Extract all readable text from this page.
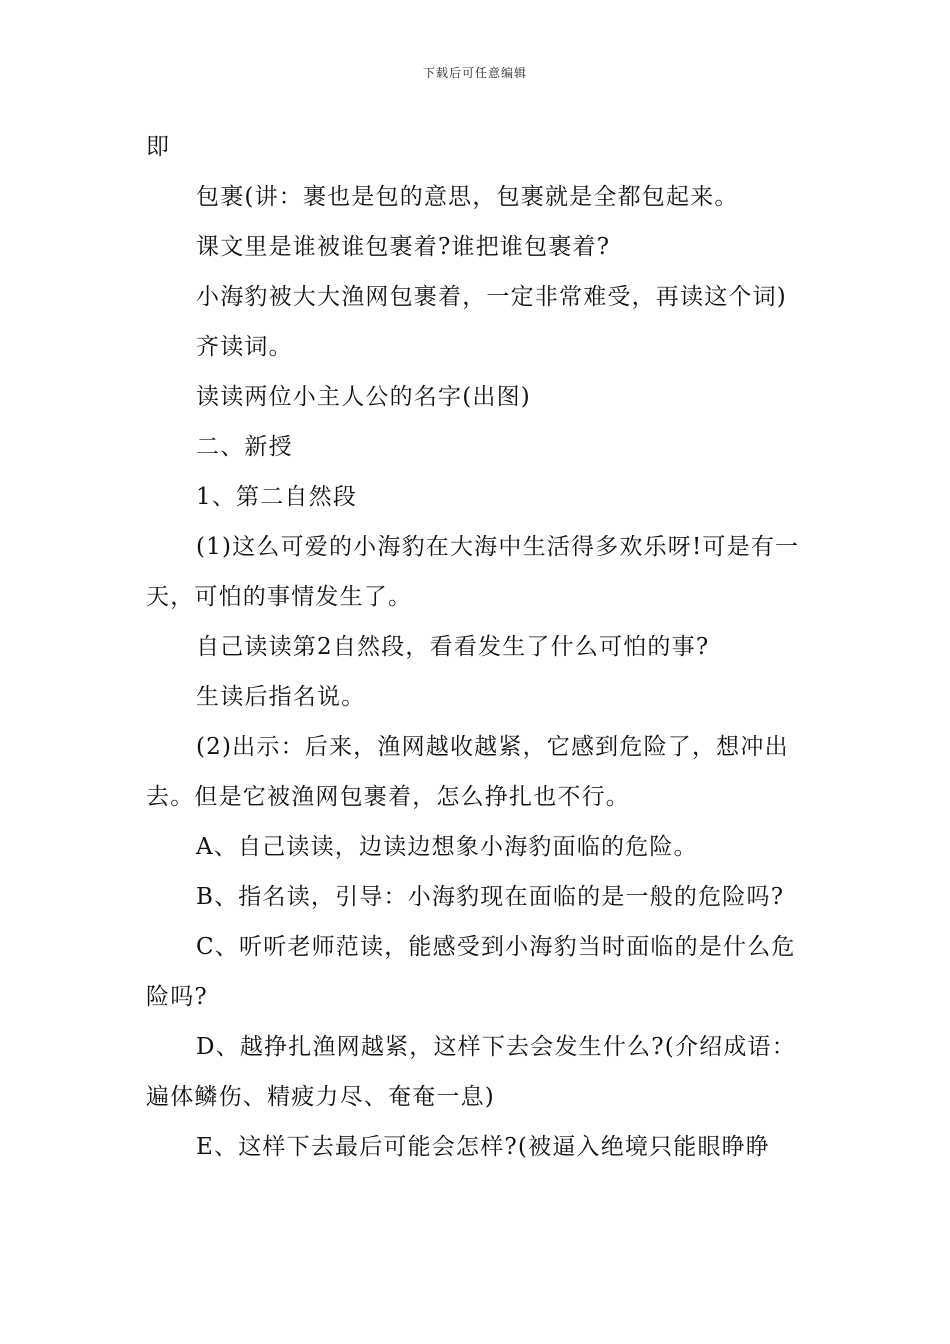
下载后可任意编辑

即

包裹(讲：裹也是包的意思，包裹就是全都包起来。

课文里是谁被谁包裹着?谁把谁包裹着?

小海豹被大大渔网包裹着，一定非常难受，再读这个词)

齐读词。

读读两位小主人公的名字(出图)

二、新授

1、第二自然段

(1)这么可爱的小海豹在大海中生活得多欢乐呀!可是有一天，可怕的事情发生了。

自己读读第2自然段，看看发生了什么可怕的事?

生读后指名说。

(2)出示：后来，渔网越收越紧，它感到危险了，想冲出去。但是它被渔网包裹着，怎么挣扎也不行。

A、自己读读，边读边想象小海豹面临的危险。

B、指名读，引导：小海豹现在面临的是一般的危险吗?

C、听听老师范读，能感受到小海豹当时面临的是什么危险吗?

D、越挣扎渔网越紧，这样下去会发生什么?(介绍成语：遍体鳞伤、精疲力尽、奄奄一息)

E、这样下去最后可能会怎样?(被逼入绝境只能眼睁睁
